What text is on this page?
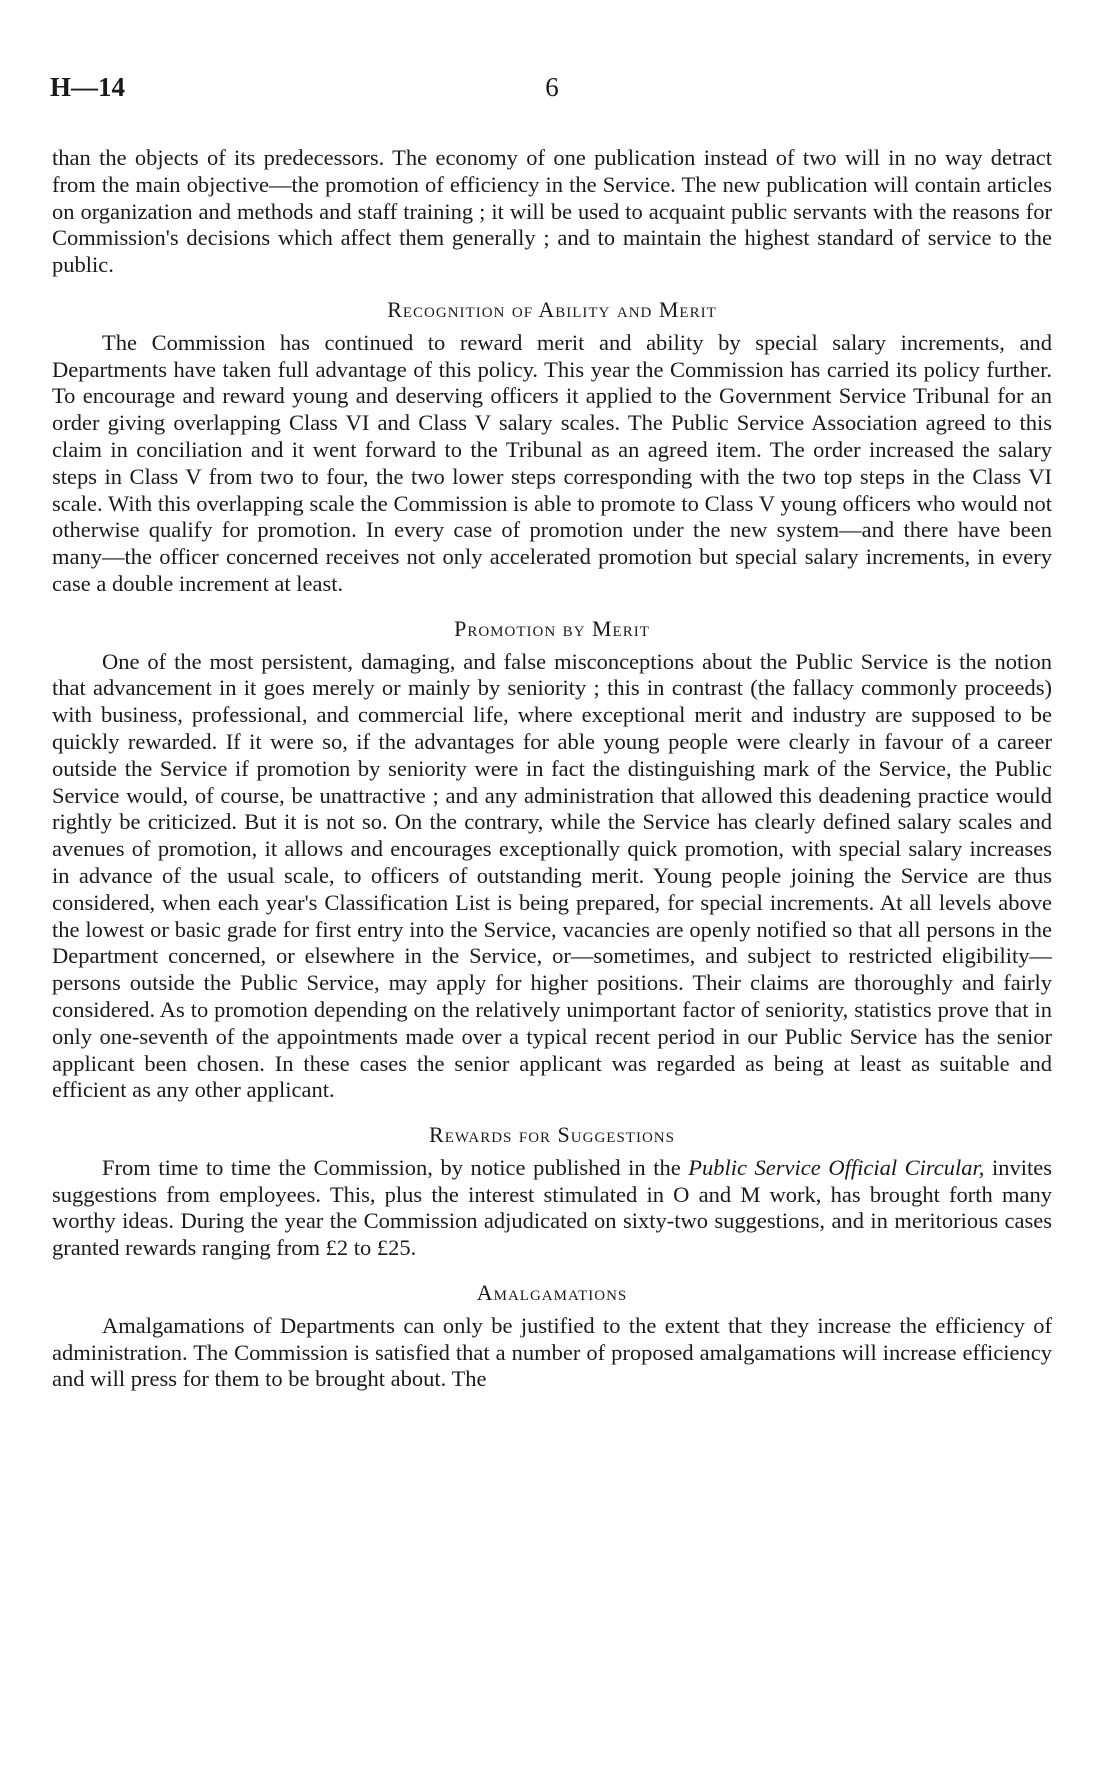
H—14	6

than the objects of its predecessors. The economy of one publication instead of two will in no way detract from the main objective—the promotion of efficiency in the Service. The new publication will contain articles on organization and methods and staff training ; it will be used to acquaint public servants with the reasons for Commission's decisions which affect them generally ; and to maintain the highest standard of service to the public.

Recognition of Ability and Merit

The Commission has continued to reward merit and ability by special salary increments, and Departments have taken full advantage of this policy. This year the Commission has carried its policy further. To encourage and reward young and deserving officers it applied to the Government Service Tribunal for an order giving overlapping Class VI and Class V salary scales. The Public Service Association agreed to this claim in conciliation and it went forward to the Tribunal as an agreed item. The order increased the salary steps in Class V from two to four, the two lower steps corresponding with the two top steps in the Class VI scale. With this overlapping scale the Commission is able to promote to Class V young officers who would not otherwise qualify for promotion. In every case of promotion under the new system—and there have been many—the officer concerned receives not only accelerated promotion but special salary increments, in every case a double increment at least.

Promotion by Merit

One of the most persistent, damaging, and false misconceptions about the Public Service is the notion that advancement in it goes merely or mainly by seniority ; this in contrast (the fallacy commonly proceeds) with business, professional, and commercial life, where exceptional merit and industry are supposed to be quickly rewarded. If it were so, if the advantages for able young people were clearly in favour of a career outside the Service if promotion by seniority were in fact the distinguishing mark of the Service, the Public Service would, of course, be unattractive ; and any administration that allowed this deadening practice would rightly be criticized. But it is not so. On the contrary, while the Service has clearly defined salary scales and avenues of promotion, it allows and encourages exceptionally quick promotion, with special salary increases in advance of the usual scale, to officers of outstanding merit. Young people joining the Service are thus considered, when each year's Classification List is being prepared, for special increments. At all levels above the lowest or basic grade for first entry into the Service, vacancies are openly notified so that all persons in the Department concerned, or elsewhere in the Service, or—sometimes, and subject to restricted eligibility—persons outside the Public Service, may apply for higher positions. Their claims are thoroughly and fairly considered. As to promotion depending on the relatively unimportant factor of seniority, statistics prove that in only one-seventh of the appointments made over a typical recent period in our Public Service has the senior applicant been chosen. In these cases the senior applicant was regarded as being at least as suitable and efficient as any other applicant.

Rewards for Suggestions

From time to time the Commission, by notice published in the Public Service Official Circular, invites suggestions from employees. This, plus the interest stimulated in O and M work, has brought forth many worthy ideas. During the year the Commission adjudicated on sixty-two suggestions, and in meritorious cases granted rewards ranging from £2 to £25.

Amalgamations

Amalgamations of Departments can only be justified to the extent that they increase the efficiency of administration. The Commission is satisfied that a number of proposed amalgamations will increase efficiency and will press for them to be brought about. The
